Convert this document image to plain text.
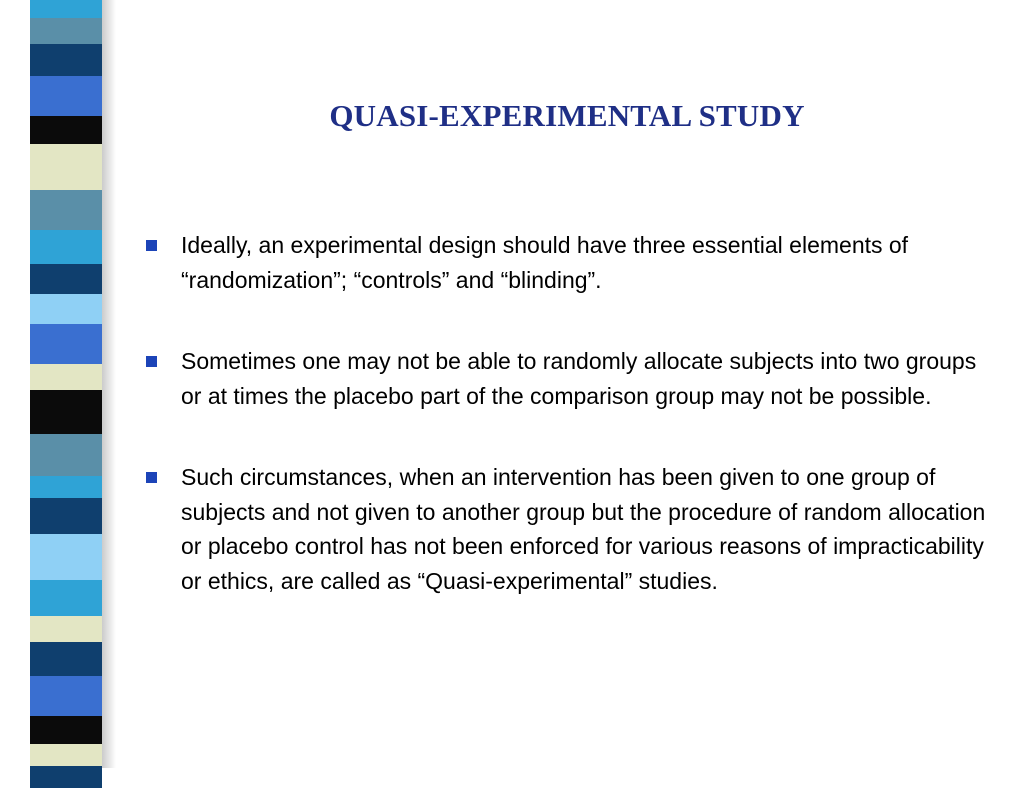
QUASI-EXPERIMENTAL STUDY
Ideally, an experimental design should have three essential elements of “randomization”; “controls” and “blinding”.
Sometimes one may not be able to randomly allocate subjects into two groups or at times the placebo part of the comparison group may not be possible.
Such circumstances, when an intervention has been given to one group of subjects and not given to another group but the procedure of random allocation or placebo control has not been enforced for various reasons of impracticability or ethics, are called as “Quasi-experimental” studies.
